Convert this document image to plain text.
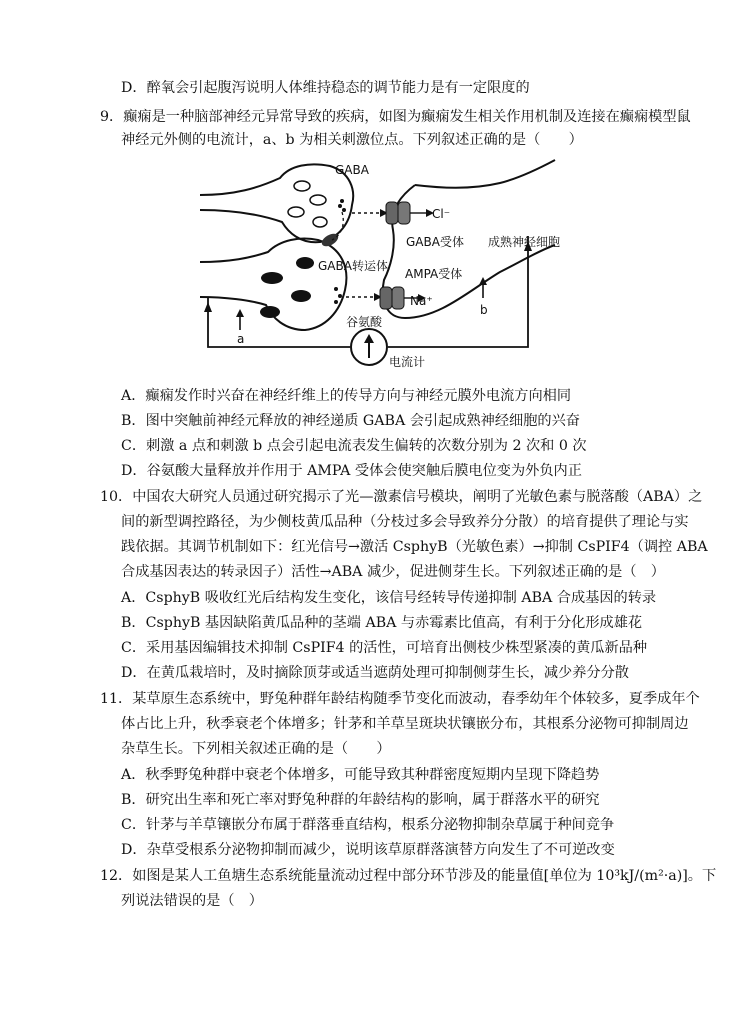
D．醉氧会引起腹泻说明人体维持稳态的调节能力是有一定限度的
9．癫痫是一种脑部神经元异常导致的疾病，如图为癫痫发生相关作用机制及连接在癫痫模型鼠
神经元外侧的电流计，a、b 为相关刺激位点。下列叙述正确的是（　　）
GABA
Cl⁻
GABA受体 成熟神经细胞
GABA转运体
AMPA受体
Na⁺
谷氨酸
a
b
电流计
A．癫痫发作时兴奋在神经纤维上的传导方向与神经元膜外电流方向相同
B．图中突触前神经元释放的神经递质 GABA 会引起成熟神经细胞的兴奋
C．刺激 a 点和刺激 b 点会引起电流表发生偏转的次数分别为 2 次和 0 次
D．谷氨酸大量释放并作用于 AMPA 受体会使突触后膜电位变为外负内正
10．中国农大研究人员通过研究揭示了光—激素信号模块，阐明了光敏色素与脱落酸（ABA）之
间的新型调控路径，为少侧枝黄瓜品种（分枝过多会导致养分分散）的培育提供了理论与实
践依据。其调节机制如下：红光信号→激活 CsphyB（光敏色素）→抑制 CsPIF4（调控 ABA
合成基因表达的转录因子）活性→ABA 减少，促进侧芽生长。下列叙述正确的是（　）
A．CsphyB 吸收红光后结构发生变化，该信号经转导传递抑制 ABA 合成基因的转录
B．CsphyB 基因缺陷黄瓜品种的茎端 ABA 与赤霉素比值高，有利于分化形成雄花
C．采用基因编辑技术抑制 CsPIF4 的活性，可培育出侧枝少株型紧凑的黄瓜新品种
D．在黄瓜栽培时，及时摘除顶芽或适当遮荫处理可抑制侧芽生长，减少养分分散
11．某草原生态系统中，野兔种群年龄结构随季节变化而波动，春季幼年个体较多，夏季成年个
体占比上升，秋季衰老个体增多；针茅和羊草呈斑块状镶嵌分布，其根系分泌物可抑制周边
杂草生长。下列相关叙述正确的是（　　）
A．秋季野兔种群中衰老个体增多，可能导致其种群密度短期内呈现下降趋势
B．研究出生率和死亡率对野兔种群的年龄结构的影响，属于群落水平的研究
C．针茅与羊草镶嵌分布属于群落垂直结构，根系分泌物抑制杂草属于种间竞争
D．杂草受根系分泌物抑制而减少，说明该草原群落演替方向发生了不可逆改变
12．如图是某人工鱼塘生态系统能量流动过程中部分环节涉及的能量值[单位为 10³kJ/(m²·a)]。下
列说法错误的是（　）
